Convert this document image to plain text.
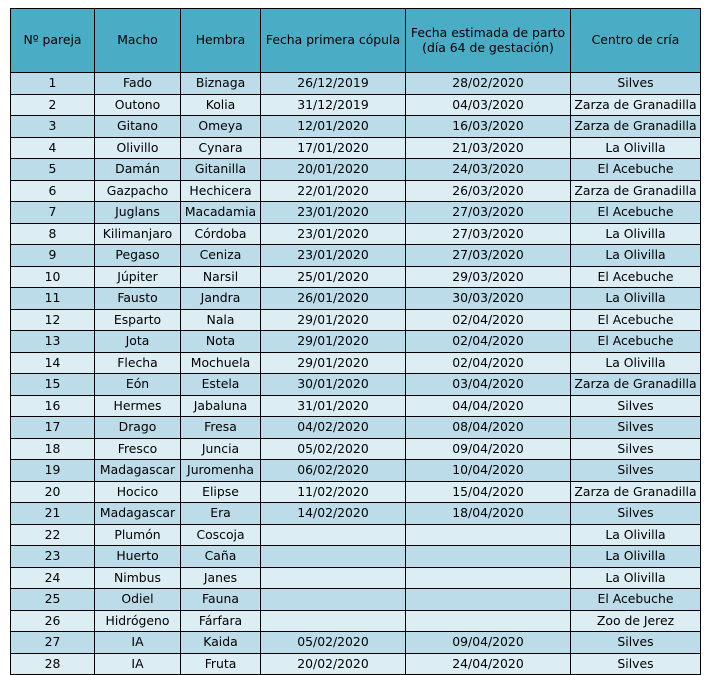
Nº pareja	Macho	Hembra	Fecha primera cópula	Fecha estimada de parto (día 64 de gestación)	Centro de cría
1	Fado	Biznaga	26/12/2019	28/02/2020	Silves
2	Outono	Kolia	31/12/2019	04/03/2020	Zarza de Granadilla
3	Gitano	Omeya	12/01/2020	16/03/2020	Zarza de Granadilla
4	Olivillo	Cynara	17/01/2020	21/03/2020	La Olivilla
5	Damán	Gitanilla	20/01/2020	24/03/2020	El Acebuche
6	Gazpacho	Hechicera	22/01/2020	26/03/2020	Zarza de Granadilla
7	Juglans	Macadamia	23/01/2020	27/03/2020	El Acebuche
8	Kilimanjaro	Córdoba	23/01/2020	27/03/2020	La Olivilla
9	Pegaso	Ceniza	23/01/2020	27/03/2020	La Olivilla
10	Júpiter	Narsil	25/01/2020	29/03/2020	El Acebuche
11	Fausto	Jandra	26/01/2020	30/03/2020	La Olivilla
12	Esparto	Nala	29/01/2020	02/04/2020	El Acebuche
13	Jota	Nota	29/01/2020	02/04/2020	El Acebuche
14	Flecha	Mochuela	29/01/2020	02/04/2020	La Olivilla
15	Eón	Estela	30/01/2020	03/04/2020	Zarza de Granadilla
16	Hermes	Jabaluna	31/01/2020	04/04/2020	Silves
17	Drago	Fresa	04/02/2020	08/04/2020	Silves
18	Fresco	Juncia	05/02/2020	09/04/2020	Silves
19	Madagascar	Juromenha	06/02/2020	10/04/2020	Silves
20	Hocico	Elipse	11/02/2020	15/04/2020	Zarza de Granadilla
21	Madagascar	Era	14/02/2020	18/04/2020	Silves
22	Plumón	Coscoja			La Olivilla
23	Huerto	Caña			La Olivilla
24	Nimbus	Janes			La Olivilla
25	Odiel	Fauna			El Acebuche
26	Hidrógeno	Fárfara			Zoo de Jerez
27	IA	Kaida	05/02/2020	09/04/2020	Silves
28	IA	Fruta	20/02/2020	24/04/2020	Silves
